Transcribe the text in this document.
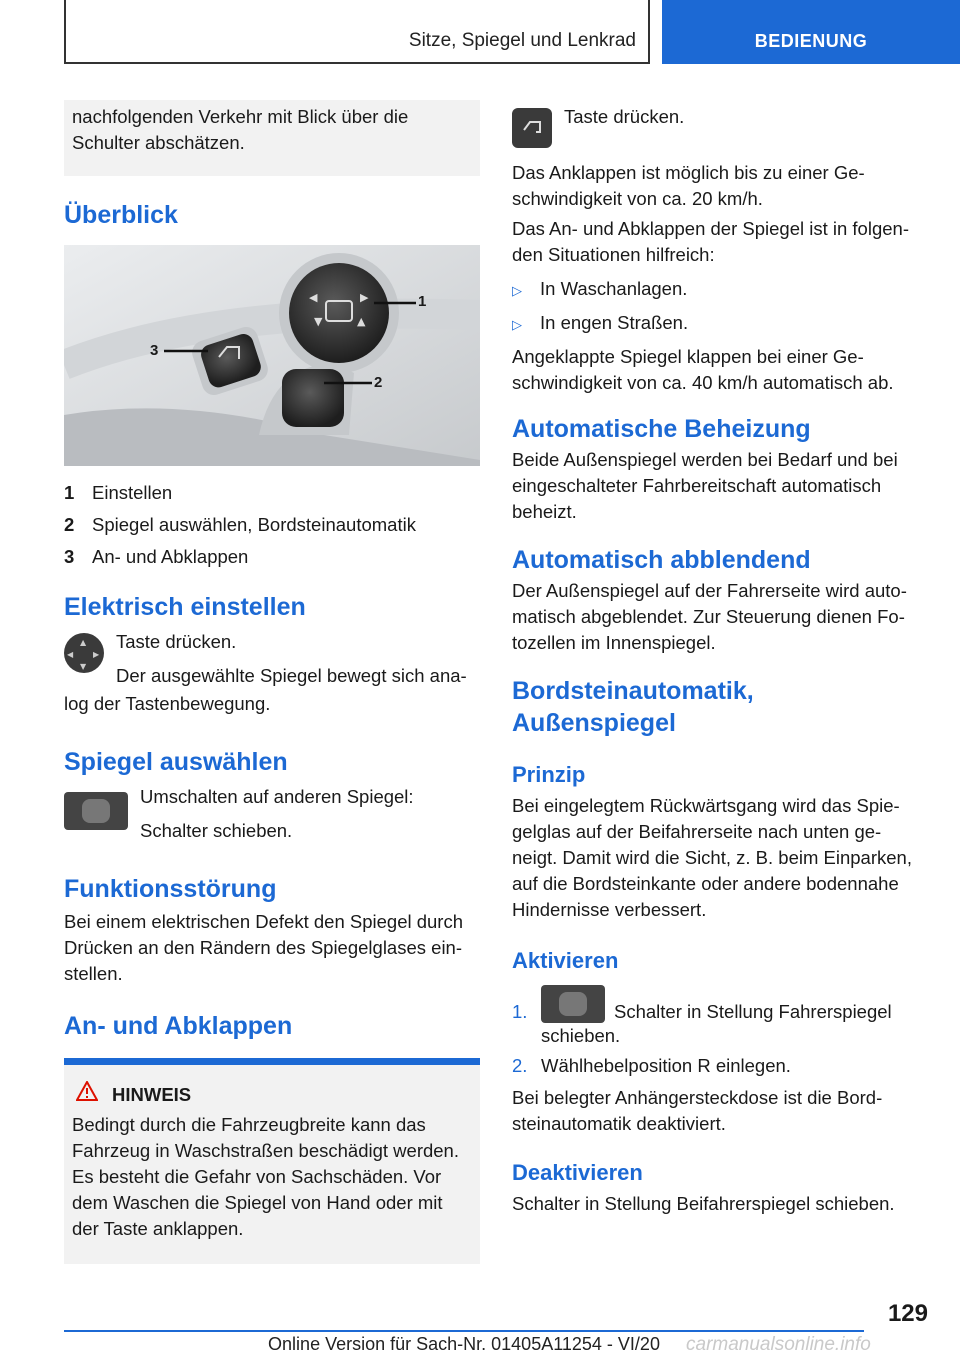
Sitze, Spiegel und Lenkrad	BEDIENUNG
nachfolgenden Verkehr mit Blick über die Schulter abschätzen.
Überblick
◀	▶
▼	▲
1
2
3
1 Einstellen
2 Spiegel auswählen, Bordsteinautomatik
3 An- und Abklappen
Elektrisch einstellen
▲
▼
◀ ▶

Taste drücken.

Der ausgewählte Spiegel bewegt sich ana-

log der Tastenbewegung.

Spiegel auswählen

Umschalten auf anderen Spiegel:

Schalter schieben.

Funktionsstörung

Bei einem elektrischen Defekt den Spiegel durch Drücken an den Rändern des Spiegelglases ein- stellen.

An- und Abklappen
HINWEIS
Bedingt durch die Fahrzeugbreite kann das Fahrzeug in Waschstraßen beschädigt werden. Es besteht die Gefahr von Sachschäden. Vor dem Waschen die Spiegel von Hand oder mit der Taste anklappen.

Taste drücken.

Das Anklappen ist möglich bis zu einer Ge- schwindigkeit von ca. 20 km/h.

Das An- und Abklappen der Spiegel ist in folgen- den Situationen hilfreich:

▷ In Waschanlagen.
▷ In engen Straßen.

Angeklappte Spiegel klappen bei einer Ge- schwindigkeit von ca. 40 km/h automatisch ab.

Automatische Beheizung

Beide Außenspiegel werden bei Bedarf und bei eingeschalteter Fahrbereitschaft automatisch beheizt.

Automatisch abblendend

Der Außenspiegel auf der Fahrerseite wird auto- matisch abgeblendet. Zur Steuerung dienen Fo- tozellen im Innenspiegel.

Bordsteinautomatik,
Außenspiegel
Prinzip

Bei eingelegtem Rückwärtsgang wird das Spie- gelglas auf der Beifahrerseite nach unten ge- neigt. Damit wird die Sicht, z. B. beim Einparken, auf die Bordsteinkante oder andere bodennahe Hindernisse verbessert.

Aktivieren
1.	Schalter in Stellung Fahrerspiegel
schieben.
2. Wählhebelposition R einlegen.

Bei belegter Anhängersteckdose ist die Bord- steinautomatik deaktiviert.

Deaktivieren

Schalter in Stellung Beifahrerspiegel schieben.

129
Online Version für Sach-Nr. 01405A11254 - VI/20	carmanualsonline.info
